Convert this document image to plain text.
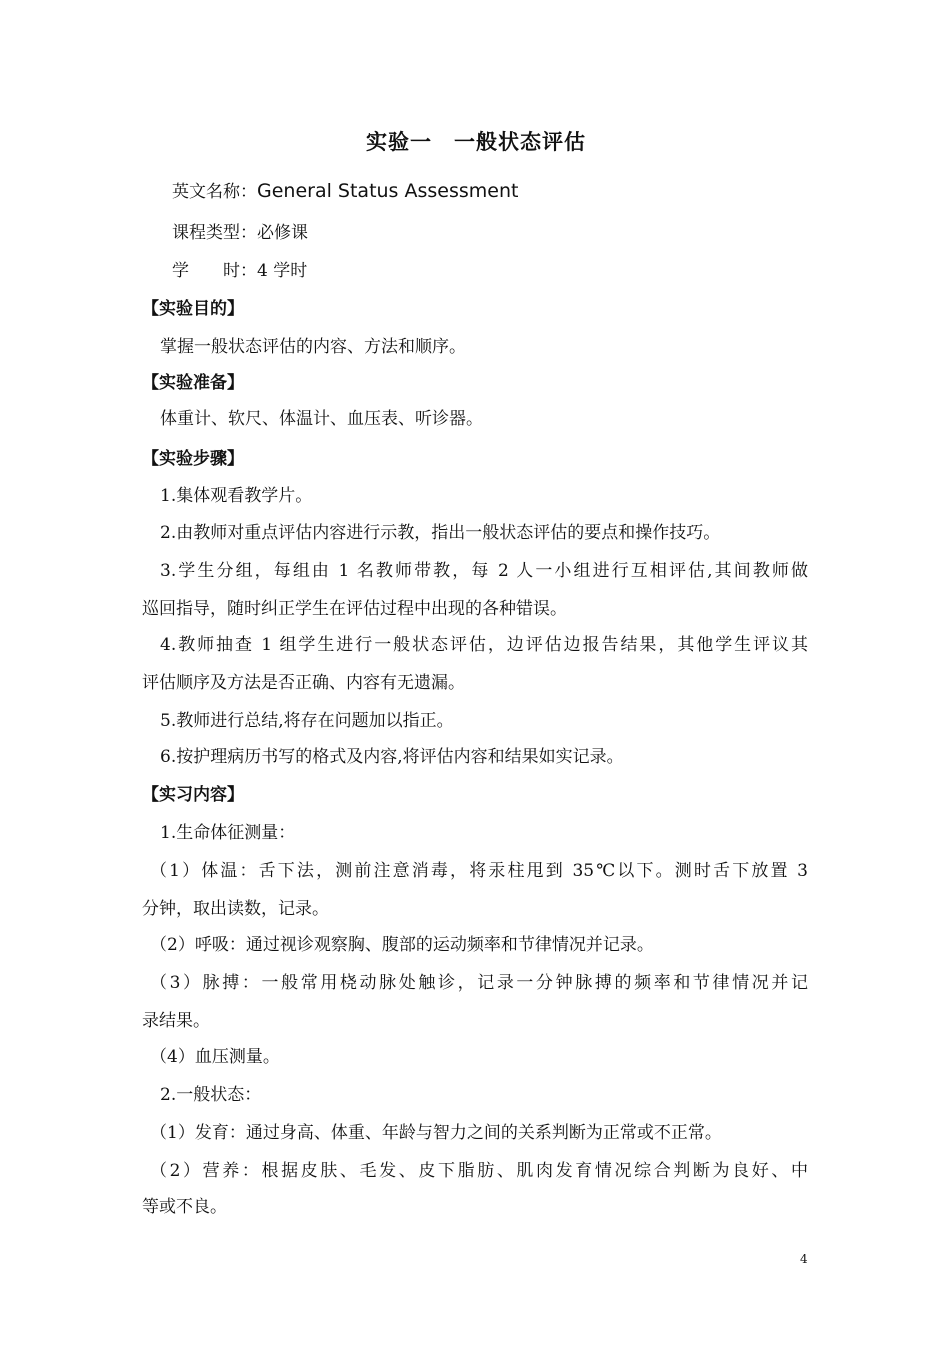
实验一　一般状态评估
英文名称：General Status Assessment
课程类型：必修课
学　　时：4 学时
【实验目的】
掌握一般状态评估的内容、方法和顺序。
【实验准备】
体重计、软尺、体温计、血压表、听诊器。
【实验步骤】
1.集体观看教学片。
2.由教师对重点评估内容进行示教，指出一般状态评估的要点和操作技巧。
3.学生分组，每组由 1 名教师带教，每 2 人一小组进行互相评估,其间教师做
巡回指导，随时纠正学生在评估过程中出现的各种错误。
4.教师抽查 1 组学生进行一般状态评估，边评估边报告结果，其他学生评议其
评估顺序及方法是否正确、内容有无遗漏。
5.教师进行总结,将存在问题加以指正。
6.按护理病历书写的格式及内容,将评估内容和结果如实记录。
【实习内容】
1.生命体征测量：
（1）体温：舌下法，测前注意消毒，将汞柱甩到 35℃以下。测时舌下放置 3
分钟，取出读数，记录。
（2）呼吸：通过视诊观察胸、腹部的运动频率和节律情况并记录。
（3）脉搏：一般常用桡动脉处触诊，记录一分钟脉搏的频率和节律情况并记
录结果。
（4）血压测量。
2.一般状态：
（1）发育：通过身高、体重、年龄与智力之间的关系判断为正常或不正常。
（2）营养：根据皮肤、毛发、皮下脂肪、肌肉发育情况综合判断为良好、中
等或不良。
4
